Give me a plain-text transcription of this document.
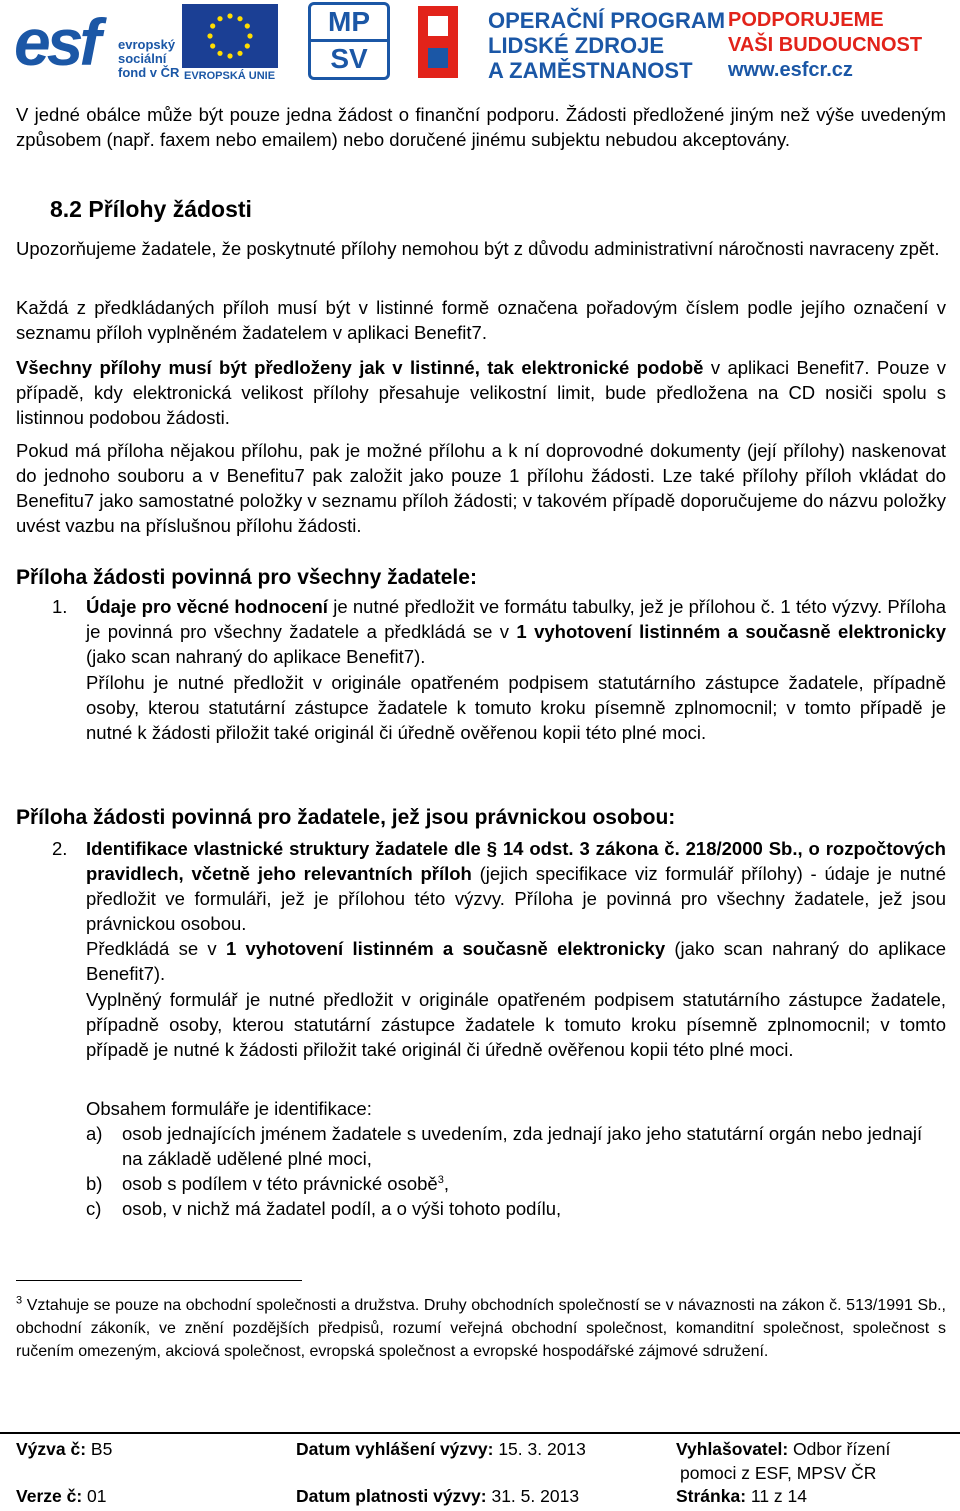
esf evropský
sociální
fond v ČR EVROPSKÁ UNIE
MP
SV
OPERAČNÍ PROGRAM
LIDSKÉ ZDROJE
A ZAMĚSTNANOST
PODPORUJEME
VAŠI BUDOUCNOST
www.esfcr.cz
V jedné obálce může být pouze jedna žádost o finanční podporu. Žádosti předložené jiným než výše uvedeným způsobem (např. faxem nebo emailem) nebo doručené jinému subjektu nebudou akceptovány.
8.2 Přílohy žádosti
Upozorňujeme žadatele, že poskytnuté přílohy nemohou být z důvodu administrativní náročnosti navraceny zpět.
Každá z předkládaných příloh musí být v listinné formě označena pořadovým číslem podle jejího označení v seznamu příloh vyplněném žadatelem v aplikaci Benefit7.
Všechny přílohy musí být předloženy jak v listinné, tak elektronické podobě v aplikaci Benefit7. Pouze v případě, kdy elektronická velikost přílohy přesahuje velikostní limit, bude předložena na CD nosiči spolu s listinnou podobou žádosti.
Pokud má příloha nějakou přílohu, pak je možné přílohu a k ní doprovodné dokumenty (její přílohy) naskenovat do jednoho souboru a v Benefitu7 pak založit jako pouze 1 přílohu žádosti. Lze také přílohy příloh vkládat do Benefitu7 jako samostatné položky v seznamu příloh žádosti; v takovém případě doporučujeme do názvu položky uvést vazbu na příslušnou přílohu žádosti.
Příloha žádosti povinná pro všechny žadatele:
1. Údaje pro věcné hodnocení je nutné předložit ve formátu tabulky, jež je přílohou č. 1 této výzvy. Příloha je povinná pro všechny žadatele a předkládá se v 1 vyhotovení listinném a současně elektronicky (jako scan nahraný do aplikace Benefit7).
Přílohu je nutné předložit v originále opatřeném podpisem statutárního zástupce žadatele, případně osoby, kterou statutární zástupce žadatele k tomuto kroku písemně zplnomocnil; v tomto případě je nutné k žádosti přiložit také originál či úředně ověřenou kopii této plné moci.
Příloha žádosti povinná pro žadatele, jež jsou právnickou osobou:
2. Identifikace vlastnické struktury žadatele dle § 14 odst. 3 zákona č. 218/2000 Sb., o rozpočtových pravidlech, včetně jeho relevantních příloh (jejich specifikace viz formulář přílohy) - údaje je nutné předložit ve formuláři, jež je přílohou této výzvy. Příloha je povinná pro všechny žadatele, jež jsou právnickou osobou.
Předkládá se v 1 vyhotovení listinném a současně elektronicky (jako scan nahraný do aplikace Benefit7).
Vyplněný formulář je nutné předložit v originále opatřeném podpisem statutárního zástupce žadatele, případně osoby, kterou statutární zástupce žadatele k tomuto kroku písemně zplnomocnil; v tomto případě je nutné k žádosti přiložit také originál či úředně ověřenou kopii této plné moci.
Obsahem formuláře je identifikace:
a) osob jednajících jménem žadatele s uvedením, zda jednají jako jeho statutární orgán nebo jednají na základě udělené plné moci,
b) osob s podílem v této právnické osobě$^3$,
c) osob, v nichž má žadatel podíl, a o výši tohoto podílu,
$^3$ Vztahuje se pouze na obchodní společnosti a družstva. Druhy obchodních společností se v návaznosti na zákon č. 513/1991 Sb., obchodní zákoník, ve znění pozdějších předpisů, rozumí veřejná obchodní společnost, komanditní společnost, společnost s ručením omezeným, akciová společnost, evropská společnost a evropské hospodářské zájmové sdružení.
Výzva č: B5	Datum vyhlášení výzvy: 15. 3. 2013	Vyhlašovatel: Odbor řízení
pomoci z ESF, MPSV ČR
Verze č: 01	Datum platnosti výzvy: 31. 5. 2013	Stránka: 11 z 14
